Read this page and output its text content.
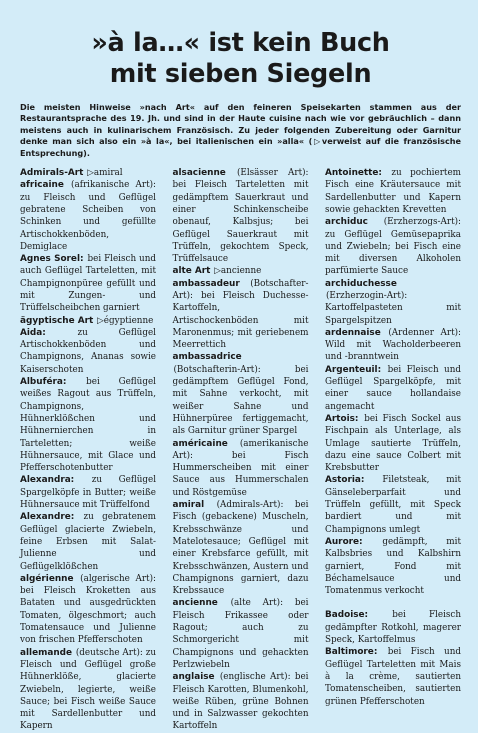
»à la…« ist kein Buch
mit sieben Siegeln

Die meisten Hinweise »nach Art« auf den feineren Speisekarten stammen aus der Restaurantsprache des 19. Jh. und sind in der Haute cuisine nach wie vor gebräuchlich – dann meistens auch in kulinarischem Französisch. Zu jeder folgenden Zubereitung oder Garnitur denke man sich also ein »à la«, bei italienischen ein »alla« (▷verweist auf die französische Entsprechung).

Admirals-Art ▷amiral

africaine (afrikanische Art): zu Fleisch und Geflügel gebratene Scheiben von Schinken und gefüllte Artischokkenböden, Demiglace

Agnes Sorel: bei Fleisch und auch Geflügel Tarteletten, mit Champignonpüree gefüllt und mit Zungen- und Trüffelscheibchen garniert

ägyptische Art ▷égyptienne

Aida:	zu Geflügel Artischokkenböden und Champignons, Ananas sowie Kaiserschoten

Albuféra: bei Geflügel weißes Ragout aus Trüffeln, Champignons, Hühnerklößchen und Hühnernierchen in Tarteletten; weiße Hühnersauce, mit Glace und Pfefferschotenbutter

Alexandra: zu Geflügel Spargelköpfe in Butter; weiße Hühnersauce mit Trüffelfond

Alexandre: zu gebratenem Geflügel glacierte Zwiebeln, feine Erbsen mit Salat-Julienne und Geflügelklößchen

algérienne (algerische Art): bei Fleisch Kroketten aus Bataten und ausgedrückten Tomaten, ölgeschmort; auch Tomatensauce und Julienne von frischen Pfefferschoten

allemande (deutsche Art): zu Fleisch und Geflügel große Hühnerklöße, glacierte Zwiebeln, legierte, weiße Sauce; bei Fisch weiße Sauce mit Sardellenbutter und Kapern

alsacienne (Elsässer Art): bei Fleisch Tarteletten mit gedämpftem Sauerkraut und einer Schinkenscheibe obenauf, Kalbsjus; bei Geflügel Sauerkraut mit Trüffeln, gekochtem Speck, Trüffelsauce

alte Art ▷ancienne

ambassadeur (Botschafter-Art): bei Fleisch Duchesse-Kartoffeln, Artischockenböden mit Maronenmus; mit geriebenem Meerrettich

ambassadrice (Botschafterin-Art): bei gedämpftem Geflügel Fond, mit Sahne verkocht, mit weißer Sahne und Hühnerpüree fertiggemacht, als Garnitur grüner Spargel

américaine (amerikanische Art): bei Fisch Hummerscheiben mit einer Sauce aus Hummerschalen und Röstgemüse

amiral (Admirals-Art): bei Fisch (gebackene) Muscheln, Krebsschwänze und Matelotesauce; Geflügel mit einer Krebsfarce gefüllt, mit Krebsschwänzen, Austern und Champignons garniert, dazu Krebssauce

ancienne (alte Art): bei Fleisch Frikassee oder Ragout; auch zu Schmorgericht mit Champignons und gehackten Perlzwiebeln

anglaise (englische Art): bei Fleisch Karotten, Blumenkohl, weiße Rüben, grüne Bohnen und in Salzwasser gekochten Kartoffeln

Antoinette: zu pochiertem Fisch eine Kräutersauce mit Sardellenbutter und Kapern sowie gehackten Krevetten

archiduc (Erzherzogs-Art): zu Geflügel Gemüsepaprika und Zwiebeln; bei Fisch eine mit diversen Alkoholen parfümierte Sauce

archiduchesse (Erzherzogin-Art): Kartoffelpasteten mit Spargelspitzen

ardennaise (Ardenner Art): Wild mit Wacholderbeeren und -branntwein

Argenteuil: bei Fleisch und Geflügel Spargelköpfe, mit einer sauce hollandaise angemacht

Artois: bei Fisch Sockel aus Fischpain als Unterlage, als Umlage sautierte Trüffeln, dazu eine sauce Colbert mit Krebsbutter

Astoria: Filetsteak, mit Gänseleberparfait und Trüffeln gefüllt, mit Speck bardiert und mit Champignons umlegt

Aurore: gedämpft, mit Kalbsbries und Kalbshirn garniert, Fond mit Béchamelsauce und Tomatenmus verkocht

Badoise:	bei Fleisch gedämpfter Rotkohl, magerer Speck, Kartoffelmus

Baltimore: bei Fisch und Geflügel Tarteletten mit Mais à la crème, sautierten Tomatenscheiben, sautierten grünen Pfefferschoten
